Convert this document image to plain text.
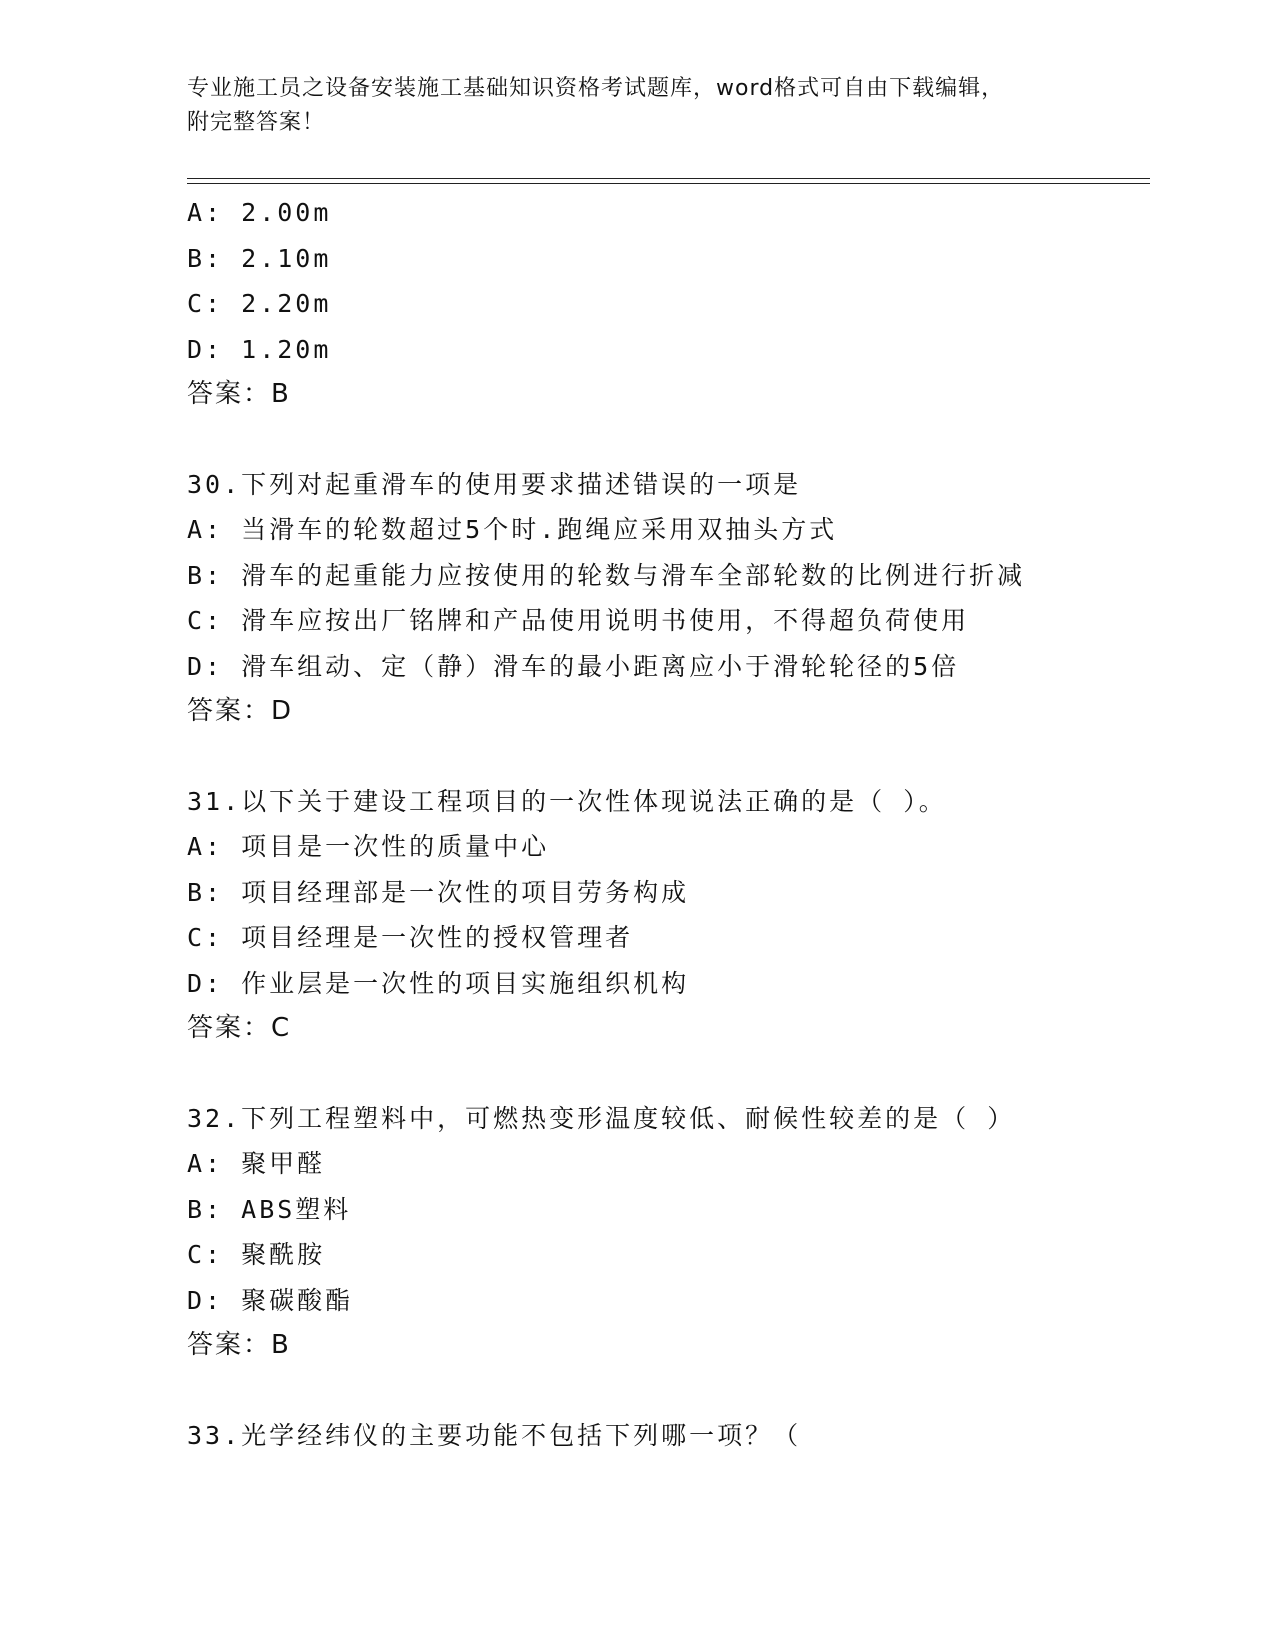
专业施工员之设备安装施工基础知识资格考试题库，word格式可自由下载编辑，
附完整答案！
A: 2.00m
B: 2.10m
C: 2.20m
D: 1.20m
答案：B
30.下列对起重滑车的使用要求描述错误的一项是
A: 当滑车的轮数超过5个时.跑绳应采用双抽头方式
B: 滑车的起重能力应按使用的轮数与滑车全部轮数的比例进行折减
C: 滑车应按出厂铭牌和产品使用说明书使用，不得超负荷使用
D: 滑车组动、定（静）滑车的最小距离应小于滑轮轮径的5倍
答案：D
31.以下关于建设工程项目的一次性体现说法正确的是（ ）。
A: 项目是一次性的质量中心
B: 项目经理部是一次性的项目劳务构成
C: 项目经理是一次性的授权管理者
D: 作业层是一次性的项目实施组织机构
答案：C
32.下列工程塑料中，可燃热变形温度较低、耐候性较差的是（ ）
A: 聚甲醛
B: ABS塑料
C: 聚酰胺
D: 聚碳酸酯
答案：B
33.光学经纬仪的主要功能不包括下列哪一项？（
